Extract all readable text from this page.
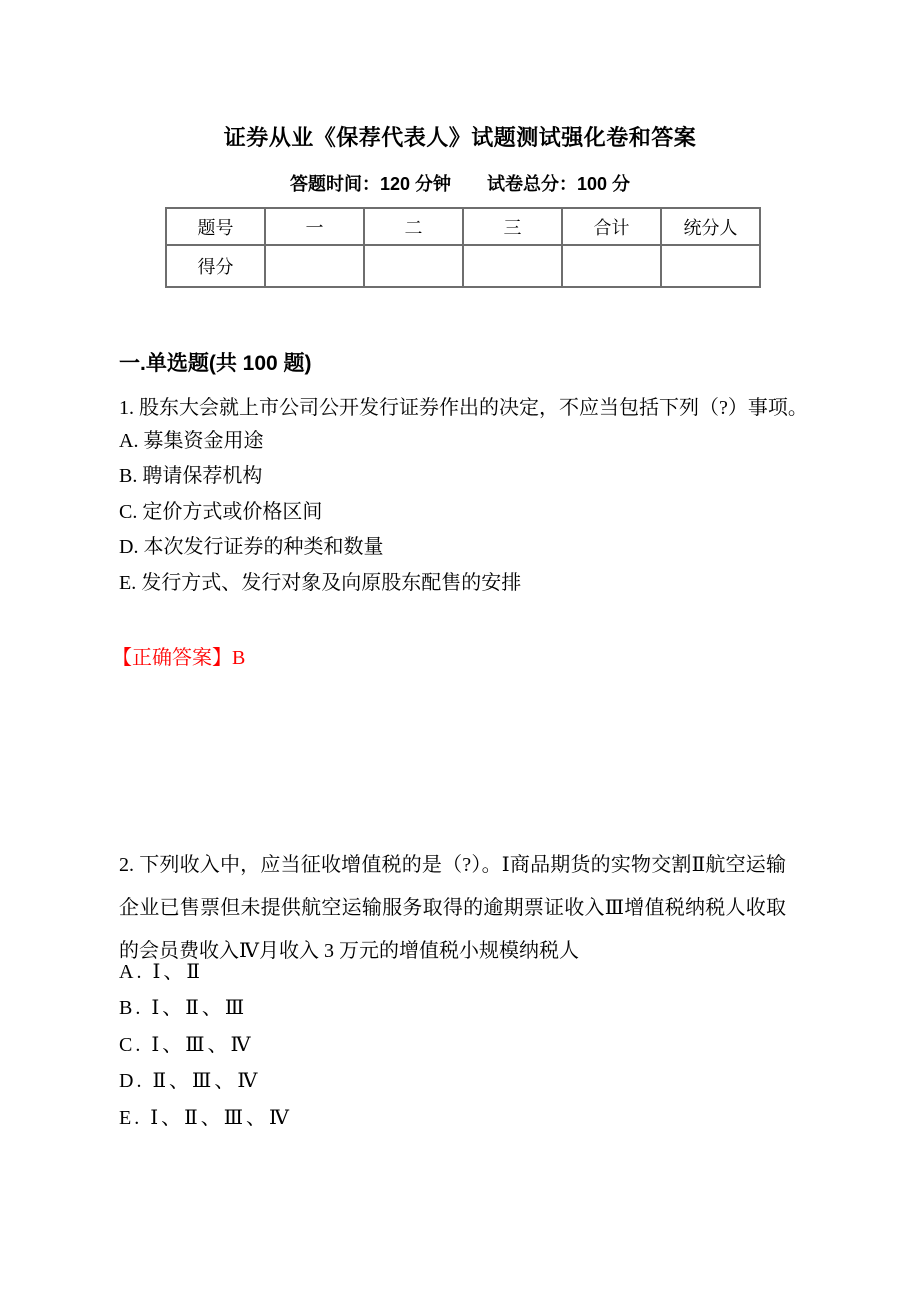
证券从业《保荐代表人》试题测试强化卷和答案
答题时间：120 分钟 试卷总分：100 分
题号	一	二	三	合计	统分人
得分					
一.单选题(共 100 题)
1. 股东大会就上市公司公开发行证券作出的决定，不应当包括下列（?）事项。
A. 募集资金用途
B. 聘请保荐机构
C. 定价方式或价格区间
D. 本次发行证券的种类和数量
E. 发行方式、发行对象及向原股东配售的安排
【正确答案】B
2. 下列收入中，应当征收增值税的是（?）。Ⅰ商品期货的实物交割Ⅱ航空运输企业已售票但未提供航空运输服务取得的逾期票证收入Ⅲ增值税纳税人收取的会员费收入Ⅳ月收入 3 万元的增值税小规模纳税人
A. Ⅰ、Ⅱ
B. Ⅰ、Ⅱ、Ⅲ
C. Ⅰ、Ⅲ、Ⅳ
D. Ⅱ、Ⅲ、Ⅳ
E. Ⅰ、Ⅱ、Ⅲ、Ⅳ
